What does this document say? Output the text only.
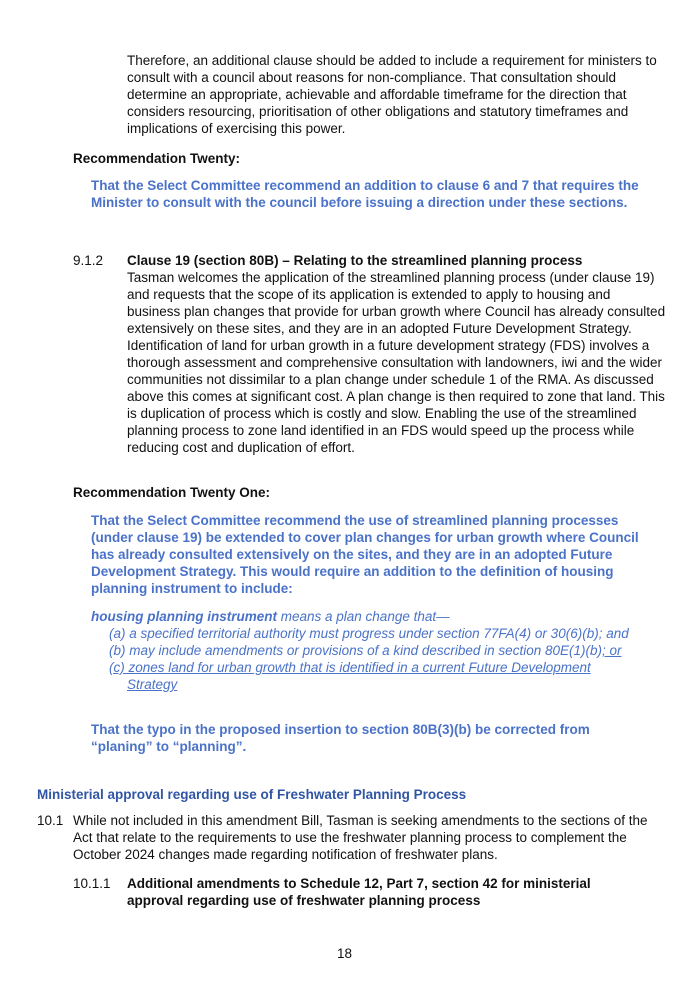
Therefore, an additional clause should be added to include a requirement for ministers to consult with a council about reasons for non-compliance. That consultation should determine an appropriate, achievable and affordable timeframe for the direction that considers resourcing, prioritisation of other obligations and statutory timeframes and implications of exercising this power.
Recommendation Twenty:
That the Select Committee recommend an addition to clause 6 and 7 that requires the Minister to consult with the council before issuing a direction under these sections.
9.1.2 Clause 19 (section 80B) – Relating to the streamlined planning process
Tasman welcomes the application of the streamlined planning process (under clause 19) and requests that the scope of its application is extended to apply to housing and business plan changes that provide for urban growth where Council has already consulted extensively on these sites, and they are in an adopted Future Development Strategy. Identification of land for urban growth in a future development strategy (FDS) involves a thorough assessment and comprehensive consultation with landowners, iwi and the wider communities not dissimilar to a plan change under schedule 1 of the RMA. As discussed above this comes at significant cost. A plan change is then required to zone that land. This is duplication of process which is costly and slow. Enabling the use of the streamlined planning process to zone land identified in an FDS would speed up the process while reducing cost and duplication of effort.
Recommendation Twenty One:
That the Select Committee recommend the use of streamlined planning processes (under clause 19) be extended to cover plan changes for urban growth where Council has already consulted extensively on the sites, and they are in an adopted Future Development Strategy. This would require an addition to the definition of housing planning instrument to include:
housing planning instrument means a plan change that—
(a) a specified territorial authority must progress under section 77FA(4) or 30(6)(b); and
(b) may include amendments or provisions of a kind described in section 80E(1)(b); or
(c) zones land for urban growth that is identified in a current Future Development
Strategy
That the typo in the proposed insertion to section 80B(3)(b) be corrected from “planing” to “planning”.
Ministerial approval regarding use of Freshwater Planning Process
10.1 While not included in this amendment Bill, Tasman is seeking amendments to the sections of the Act that relate to the requirements to use the freshwater planning process to complement the October 2024 changes made regarding notification of freshwater plans.
10.1.1 Additional amendments to Schedule 12, Part 7, section 42 for ministerial approval regarding use of freshwater planning process
18
